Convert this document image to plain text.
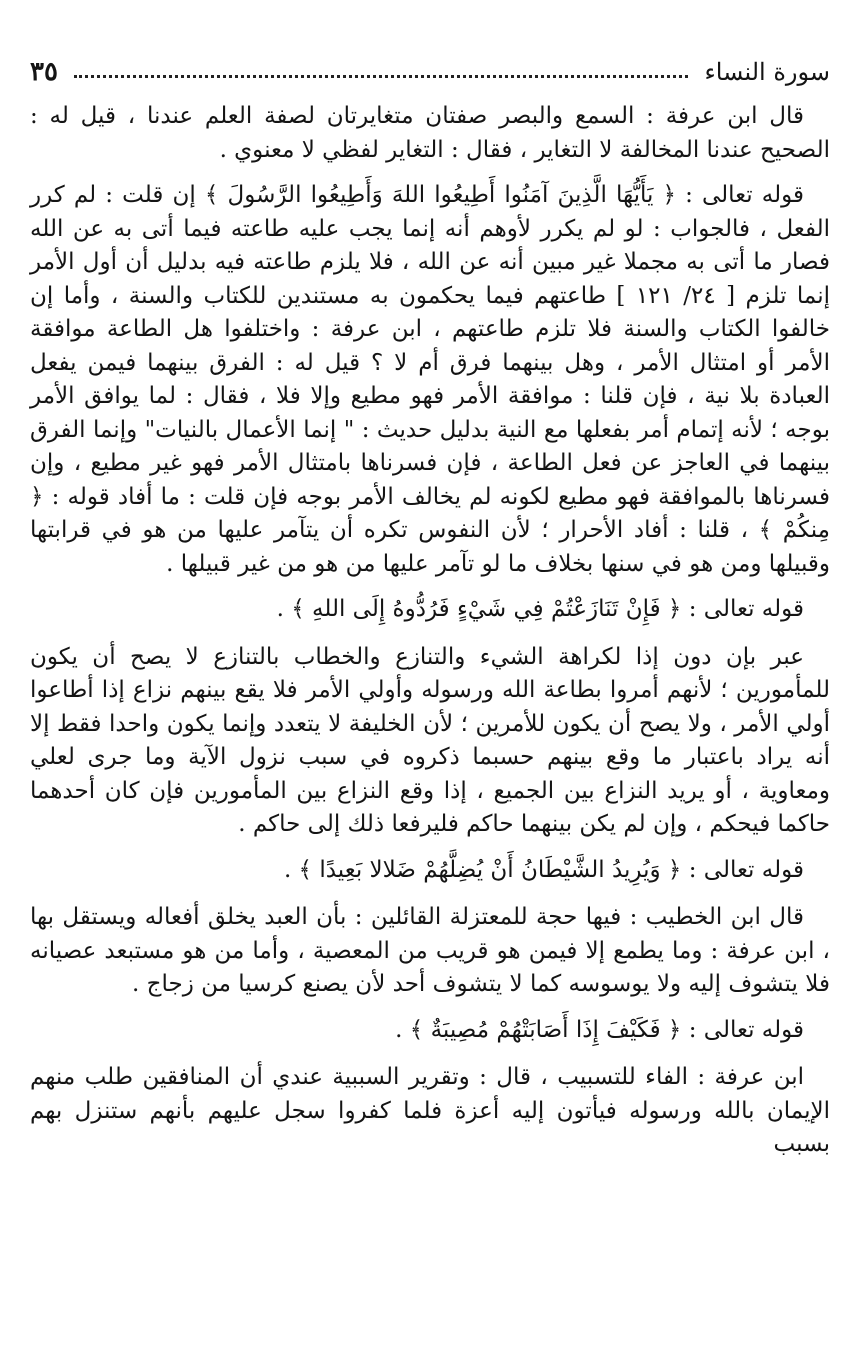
سورة النساء
٣٥

قال ابن عرفة : السمع والبصر صفتان متغايرتان لصفة العلم عندنا ، قيل له : الصحيح عندنا المخالفة لا التغاير ، فقال : التغاير لفظي لا معنوي .

قوله تعالى : ﴿ يَأَيُّهَا الَّذِينَ آمَنُوا أَطِيعُوا اللهَ وَأَطِيعُوا الرَّسُولَ ﴾ إن قلت : لم كرر الفعل ، فالجواب : لو لم يكرر لأوهم أنه إنما يجب عليه طاعته فيما أتى به عن الله فصار ما أتى به مجملا غير مبين أنه عن الله ، فلا يلزم طاعته فيه بدليل أن أول الأمر إنما تلزم [ ٢٤/ ١٢١ ] طاعتهم فيما يحكمون به مستندين للكتاب والسنة ، وأما إن خالفوا الكتاب والسنة فلا تلزم طاعتهم ، ابن عرفة : واختلفوا هل الطاعة موافقة الأمر أو امتثال الأمر ، وهل بينهما فرق أم لا ؟ قيل له : الفرق بينهما فيمن يفعل العبادة بلا نية ، فإن قلنا : موافقة الأمر فهو مطيع وإلا فلا ، فقال : لما يوافق الأمر بوجه ؛ لأنه إتمام أمر بفعلها مع النية بدليل حديث : " إنما الأعمال بالنيات" وإنما الفرق بينهما في العاجز عن فعل الطاعة ، فإن فسرناها بامتثال الأمر فهو غير مطيع ، وإن فسرناها بالموافقة فهو مطيع لكونه لم يخالف الأمر بوجه فإن قلت : ما أفاد قوله : ﴿ مِنكُمْ ﴾ ، قلنا : أفاد الأحرار ؛ لأن النفوس تكره أن يتآمر عليها من هو في قرابتها وقبيلها ومن هو في سنها بخلاف ما لو تآمر عليها من هو من غير قبيلها .

قوله تعالى : ﴿ فَإِنْ تَنَازَعْتُمْ فِي شَيْءٍ فَرُدُّوهُ إِلَى اللهِ ﴾ .

عبر بإن دون إذا لكراهة الشيء والتنازع والخطاب بالتنازع لا يصح أن يكون للمأمورين ؛ لأنهم أمروا بطاعة الله ورسوله وأولي الأمر فلا يقع بينهم نزاع إذا أطاعوا أولي الأمر ، ولا يصح أن يكون للأمرين ؛ لأن الخليفة لا يتعدد وإنما يكون واحدا فقط إلا أنه يراد باعتبار ما وقع بينهم حسبما ذكروه في سبب نزول الآية وما جرى لعلي ومعاوية ، أو يريد النزاع بين الجميع ، إذا وقع النزاع بين المأمورين فإن كان أحدهما حاكما فيحكم ، وإن لم يكن بينهما حاكم فليرفعا ذلك إلى حاكم .

قوله تعالى : ﴿ وَيُرِيدُ الشَّيْطَانُ أَنْ يُضِلَّهُمْ ضَلالا بَعِيدًا ﴾ .

قال ابن الخطيب : فيها حجة للمعتزلة القائلين : بأن العبد يخلق أفعاله ويستقل بها ، ابن عرفة : وما يطمع إلا فيمن هو قريب من المعصية ، وأما من هو مستبعد عصيانه فلا يتشوف إليه ولا يوسوسه كما لا يتشوف أحد لأن يصنع كرسيا من زجاج .

قوله تعالى : ﴿ فَكَيْفَ إِذَا أَصَابَتْهُمْ مُصِيبَةٌ ﴾ .

ابن عرفة : الفاء للتسبيب ، قال : وتقرير السببية عندي أن المنافقين طلب منهم الإيمان بالله ورسوله فيأتون إليه أعزة فلما كفروا سجل عليهم بأنهم ستنزل بهم بسبب
